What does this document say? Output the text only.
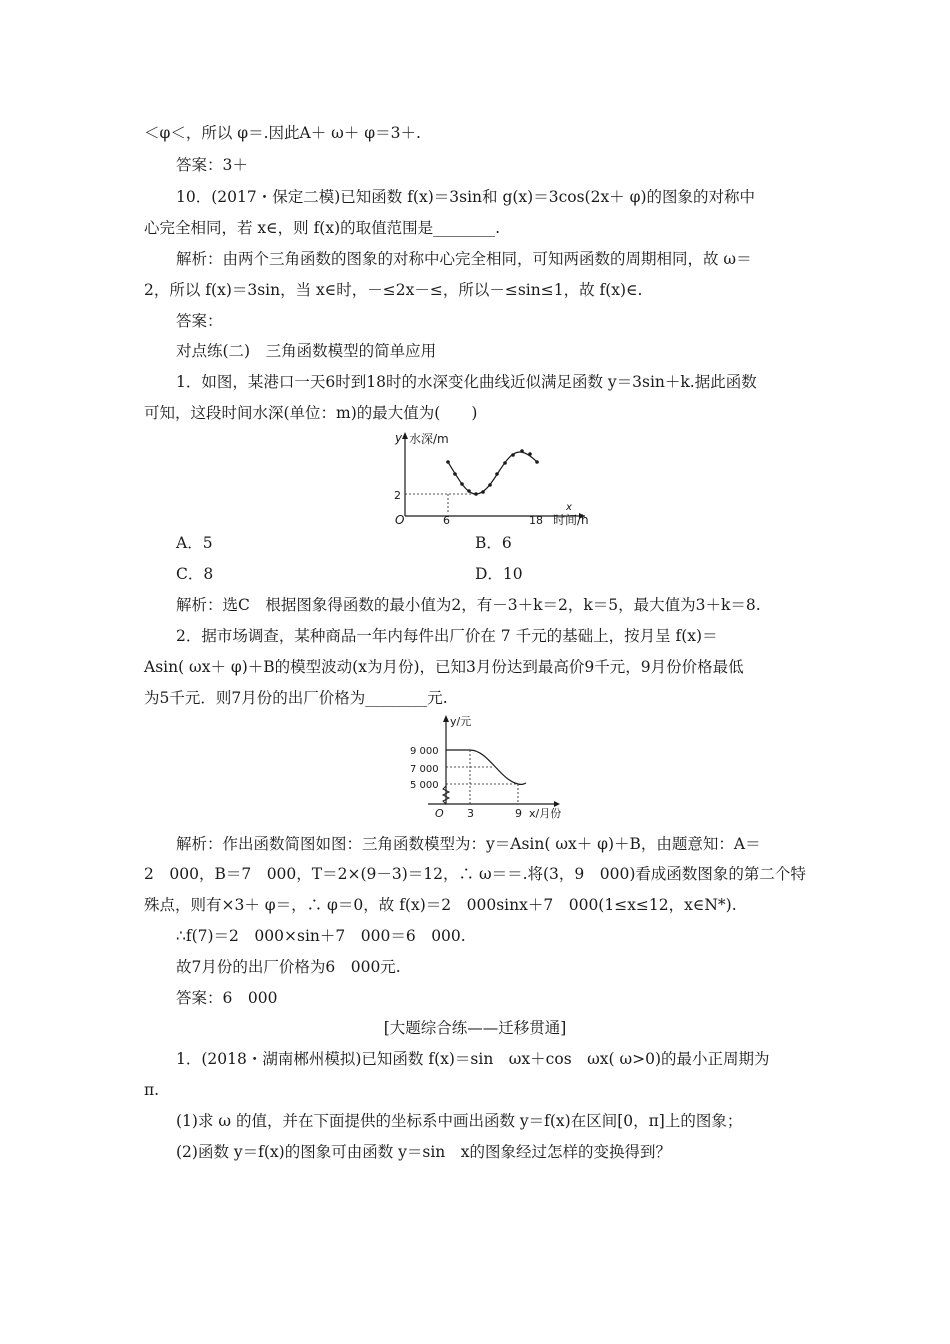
＜φ＜，所以 φ＝.因此A＋ ω＋ φ＝3＋.
答案：3＋
10．(2017・保定二模)已知函数 f(x)＝3sin和 g(x)＝3cos(2x＋ φ)的图象的对称中
心完全相同，若 x∈，则 f(x)的取值范围是________.
解析：由两个三角函数的图象的对称中心完全相同，可知两函数的周期相同，故 ω＝
2，所以 f(x)＝3sin，当 x∈时，－≤2x－≤，所以－≤sin≤1，故 f(x)∈.
答案：
对点练(二)　三角函数模型的简单应用
1．如图，某港口一天6时到18时的水深变化曲线近似满足函数 y＝3sin＋k.据此函数
可知，这段时间水深(单位：m)的最大值为(　　)
y 水深/m
x
时间/h
O	6	18
2
A．5	B．6
C．8	D．10
解析：选C　根据图象得函数的最小值为2，有－3＋k＝2，k＝5，最大值为3＋k＝8.
2．据市场调查，某种商品一年内每件出厂价在 7 千元的基础上，按月呈 f(x)＝
Asin( ωx＋ φ)＋B的模型波动(x为月份)，已知3月份达到最高价9千元，9月份价格最低
为5千元．则7月份的出厂价格为________元.
y/元
x/月份
O
9 000
7 000
5 000
3	9
解析：作出函数简图如图：三角函数模型为：y＝Asin( ωx＋ φ)＋B，由题意知：A＝
2　000，B＝7　000，T＝2×(9－3)＝12，∴ ω＝＝.将(3，9　000)看成函数图象的第二个特
殊点，则有×3＋ φ＝，∴ φ＝0，故 f(x)＝2　000sinx＋7　000(1≤x≤12，x∈N*).
∴f(7)＝2　000×sin＋7　000＝6　000.
故7月份的出厂价格为6　000元.
答案：6　000
[大题综合练——迁移贯通]
1．(2018・湖南郴州模拟)已知函数 f(x)＝sin　ωx＋cos　ωx( ω>0)的最小正周期为
π.
(1)求 ω 的值，并在下面提供的坐标系中画出函数 y＝f(x)在区间[0，π]上的图象；
(2)函数 y＝f(x)的图象可由函数 y＝sin　x的图象经过怎样的变换得到？
